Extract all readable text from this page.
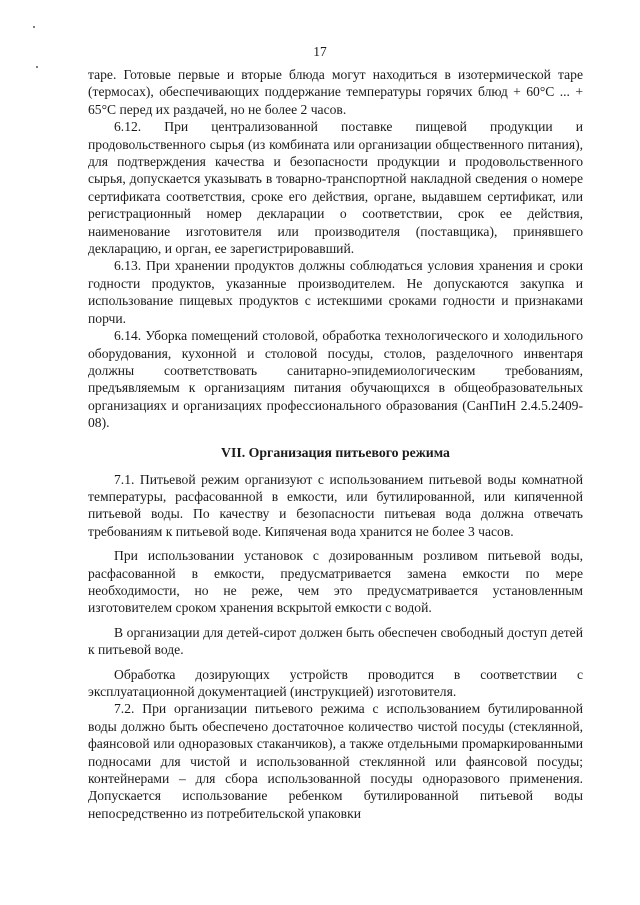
17

таре. Готовые первые и вторые блюда могут находиться в изотермической таре (термосах), обеспечивающих поддержание температуры горячих блюд + 60°С ... + 65°С перед их раздачей, но не более 2 часов.

6.12. При централизованной поставке пищевой продукции и продовольственного сырья (из комбината или организации общественного питания), для подтверждения качества и безопасности продукции и продовольственного сырья, допускается указывать в товарно-транспортной накладной сведения о номере сертификата соответствия, сроке его действия, органе, выдавшем сертификат, или регистрационный номер декларации о соответствии, срок ее действия, наименование изготовителя или производителя (поставщика), принявшего декларацию, и орган, ее зарегистрировавший.

6.13. При хранении продуктов должны соблюдаться условия хранения и сроки годности продуктов, указанные производителем. Не допускаются закупка и использование пищевых продуктов с истекшими сроками годности и признаками порчи.

6.14. Уборка помещений столовой, обработка технологического и холодильного оборудования, кухонной и столовой посуды, столов, разделочного инвентаря должны соответствовать санитарно-эпидемиологическим требованиям, предъявляемым к организациям питания обучающихся в общеобразовательных организациях и организациях профессионального образования (СанПиН 2.4.5.2409-08).

VII. Организация питьевого режима

7.1. Питьевой режим организуют с использованием питьевой воды комнатной температуры, расфасованной в емкости, или бутилированной, или кипяченной питьевой воды. По качеству и безопасности питьевая вода должна отвечать требованиям к питьевой воде. Кипяченая вода хранится не более 3 часов.

При использовании установок с дозированным розливом питьевой воды, расфасованной в емкости, предусматривается замена емкости по мере необходимости, но не реже, чем это предусматривается установленным изготовителем сроком хранения вскрытой емкости с водой.

В организации для детей-сирот должен быть обеспечен свободный доступ детей к питьевой воде.

Обработка дозирующих устройств проводится в соответствии с эксплуатационной документацией (инструкцией) изготовителя.

7.2. При организации питьевого режима с использованием бутилированной воды должно быть обеспечено достаточное количество чистой посуды (стеклянной, фаянсовой или одноразовых стаканчиков), а также отдельными промаркированными подносами для чистой и использованной стеклянной или фаянсовой посуды; контейнерами – для сбора использованной посуды одноразового применения. Допускается использование ребенком бутилированной питьевой воды непосредственно из потребительской упаковки
